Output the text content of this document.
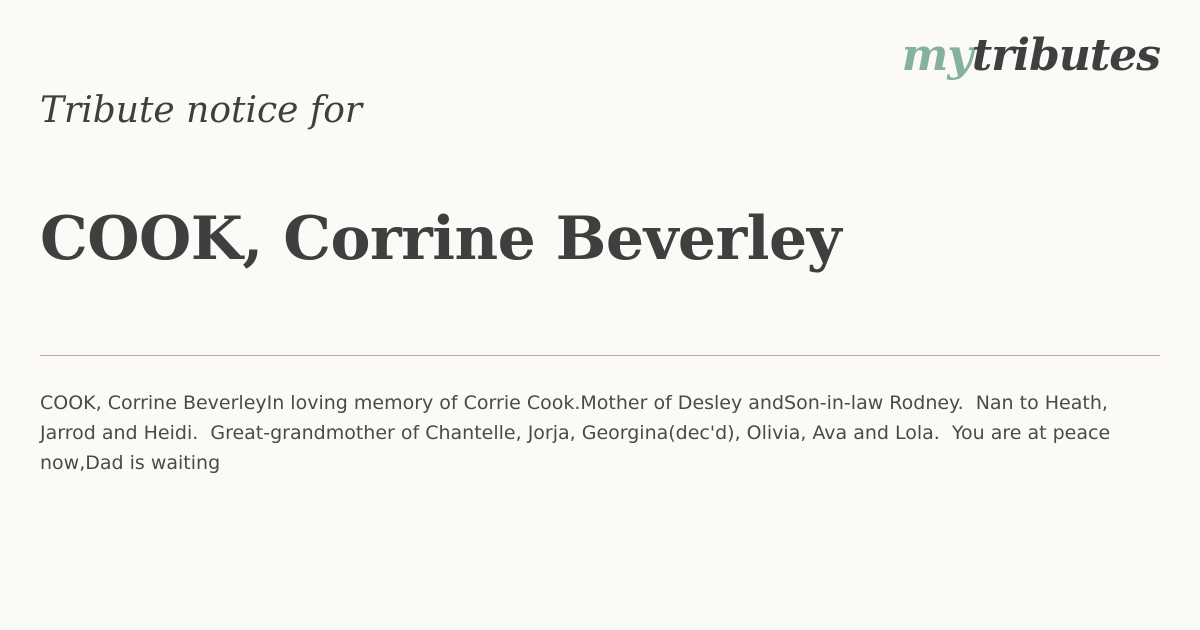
mytributes
Tribute notice for
COOK, Corrine Beverley

COOK, Corrine BeverleyIn loving memory of Corrie Cook.Mother of Desley andSon-in-law Rodney.  Nan to Heath, Jarrod and Heidi.  Great-grandmother of Chantelle, Jorja, Georgina(dec'd), Olivia, Ava and Lola.  You are at peace now,Dad is waiting
